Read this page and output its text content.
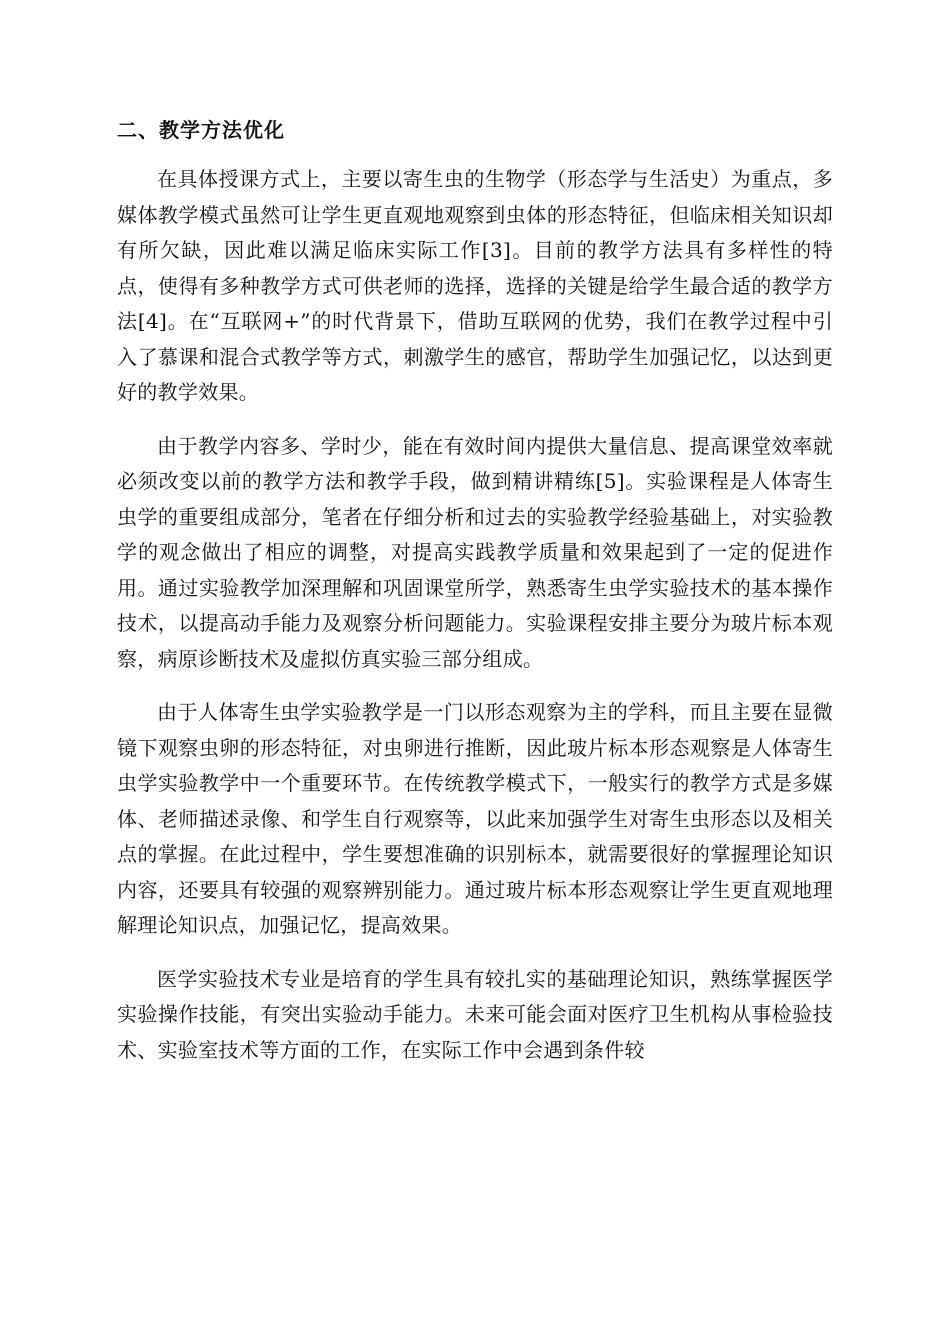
二、教学方法优化

在具体授课方式上，主要以寄生虫的生物学（形态学与生活史）为重点，多媒体教学模式虽然可让学生更直观地观察到虫体的形态特征，但临床相关知识却有所欠缺，因此难以满足临床实际工作[3]。目前的教学方法具有多样性的特点，使得有多种教学方式可供老师的选择，选择的关键是给学生最合适的教学方法[4]。在“互联网+”的时代背景下，借助互联网的优势，我们在教学过程中引入了慕课和混合式教学等方式，刺激学生的感官，帮助学生加强记忆，以达到更好的教学效果。

由于教学内容多、学时少，能在有效时间内提供大量信息、提高课堂效率就必须改变以前的教学方法和教学手段，做到精讲精练[5]。实验课程是人体寄生虫学的重要组成部分，笔者在仔细分析和过去的实验教学经验基础上，对实验教学的观念做出了相应的调整，对提高实践教学质量和效果起到了一定的促进作用。通过实验教学加深理解和巩固课堂所学，熟悉寄生虫学实验技术的基本操作技术，以提高动手能力及观察分析问题能力。实验课程安排主要分为玻片标本观察，病原诊断技术及虚拟仿真实验三部分组成。

由于人体寄生虫学实验教学是一门以形态观察为主的学科，而且主要在显微镜下观察虫卵的形态特征，对虫卵进行推断，因此玻片标本形态观察是人体寄生虫学实验教学中一个重要环节。在传统教学模式下，一般实行的教学方式是多媒体、老师描述录像、和学生自行观察等，以此来加强学生对寄生虫形态以及相关点的掌握。在此过程中，学生要想准确的识别标本，就需要很好的掌握理论知识内容，还要具有较强的观察辨别能力。通过玻片标本形态观察让学生更直观地理解理论知识点，加强记忆，提高效果。

医学实验技术专业是培育的学生具有较扎实的基础理论知识，熟练掌握医学实验操作技能，有突出实验动手能力。未来可能会面对医疗卫生机构从事检验技术、实验室技术等方面的工作，在实际工作中会遇到条件较
